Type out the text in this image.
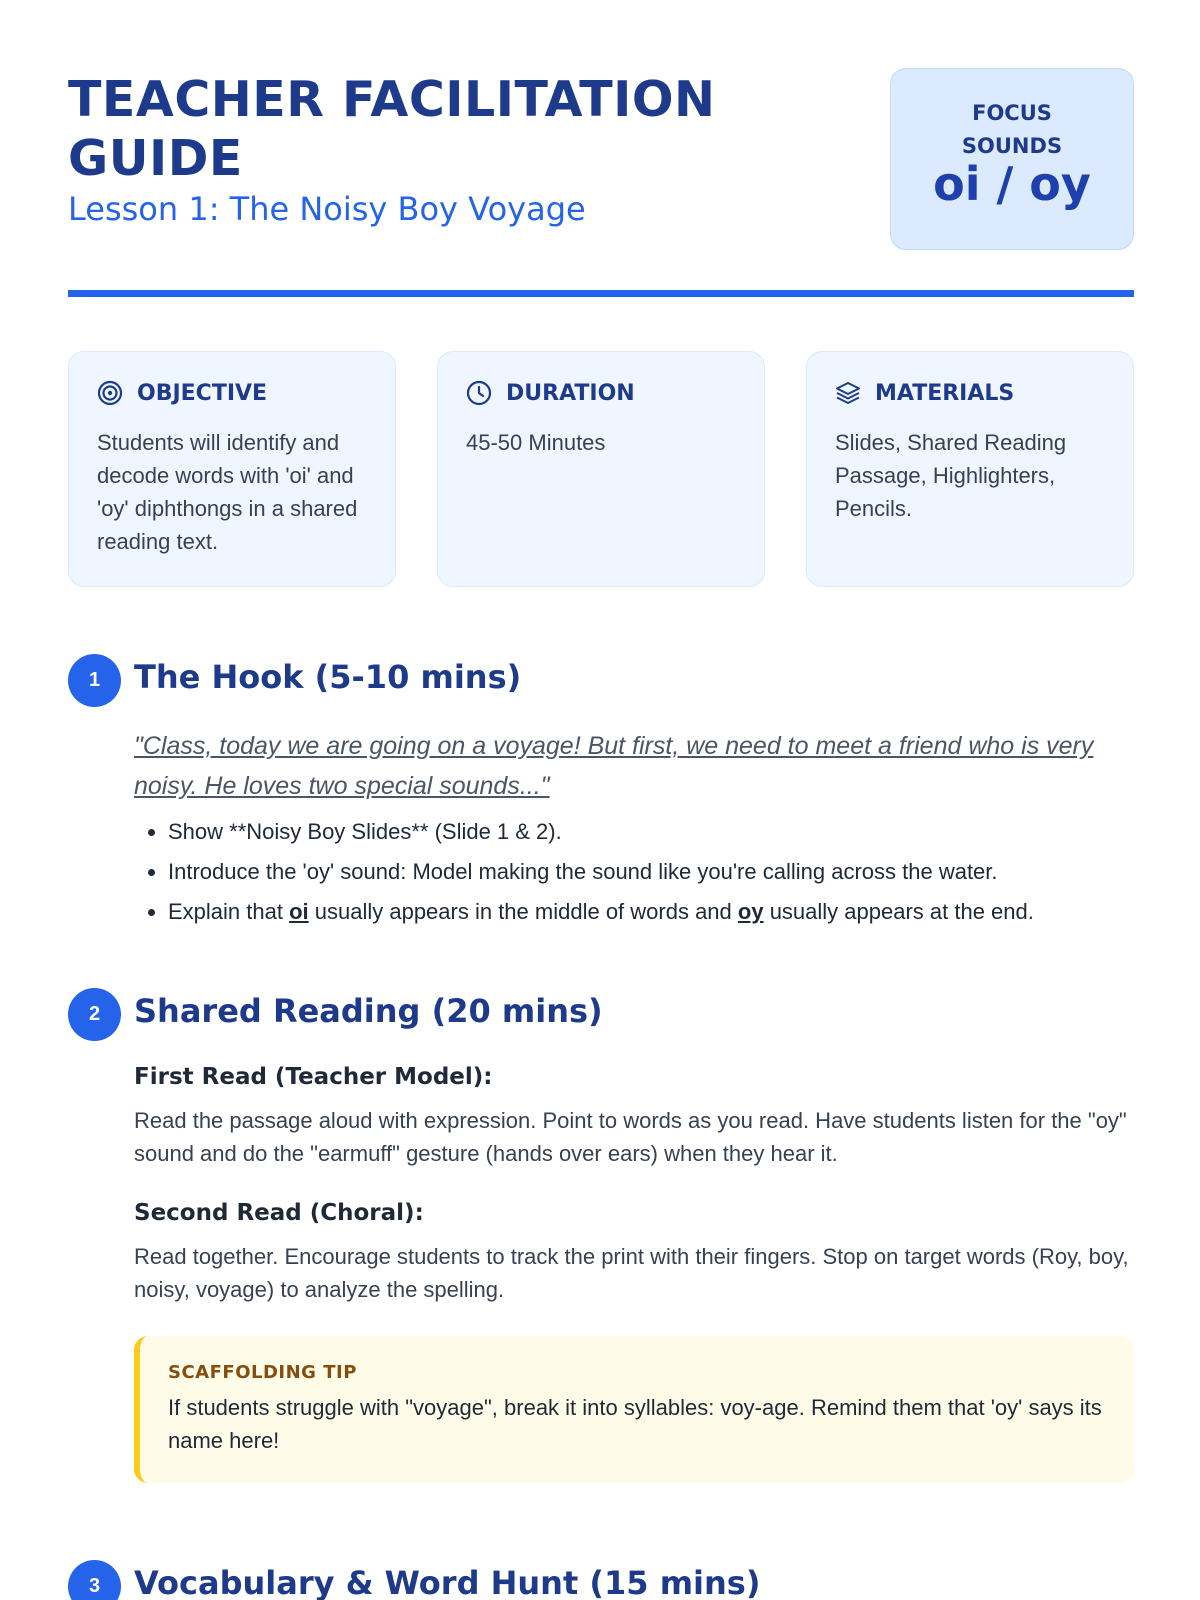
TEACHER FACILITATION GUIDE
Lesson 1: The Noisy Boy Voyage
FOCUS SOUNDS
oi / oy
OBJECTIVE
Students will identify and decode words with 'oi' and 'oy' diphthongs in a shared reading text.
DURATION
45-50 Minutes
MATERIALS
Slides, Shared Reading Passage, Highlighters, Pencils.
1	The Hook (5-10 mins)
"Class, today we are going on a voyage! But first, we need to meet a friend who is very noisy. He loves two special sounds..."
• Show **Noisy Boy Slides** (Slide 1 & 2).
• Introduce the 'oy' sound: Model making the sound like you're calling across the water.
• Explain that oi usually appears in the middle of words and oy usually appears at the end.
2	Shared Reading (20 mins)
First Read (Teacher Model):
Read the passage aloud with expression. Point to words as you read. Have students listen for the "oy" sound and do the "earmuff" gesture (hands over ears) when they hear it.
Second Read (Choral):
Read together. Encourage students to track the print with their fingers. Stop on target words (Roy, boy, noisy, voyage) to analyze the spelling.
SCAFFOLDING TIP
If students struggle with "voyage", break it into syllables: voy-age. Remind them that 'oy' says its name here!
3	Vocabulary & Word Hunt (15 mins)
